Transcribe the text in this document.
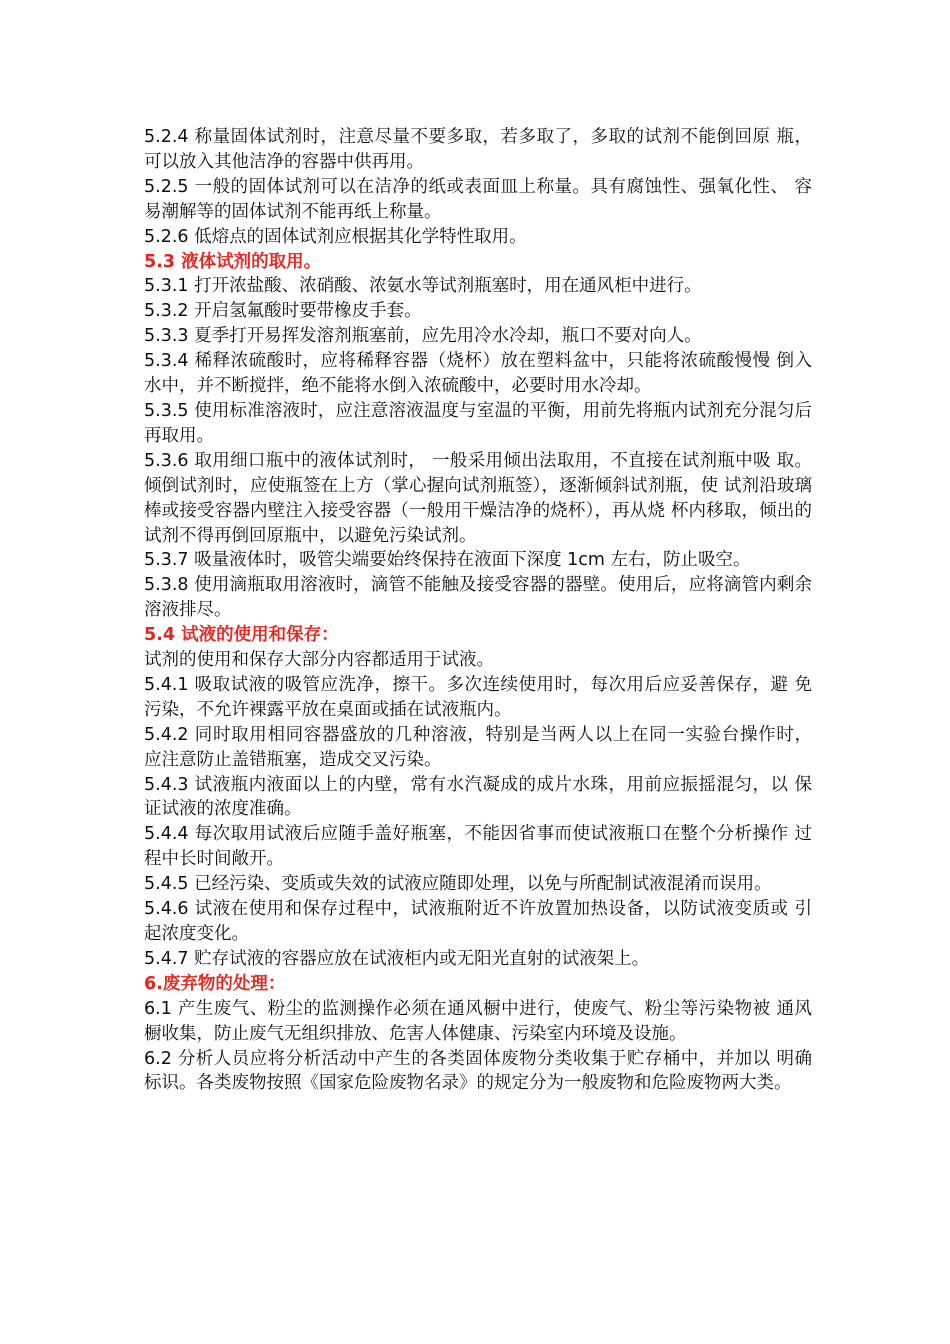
5.2.4 称量固体试剂时，注意尽量不要多取，若多取了，多取的试剂不能倒回原 瓶，可以放入其他洁净的容器中供再用。

5.2.5 一般的固体试剂可以在洁净的纸或表面皿上称量。具有腐蚀性、强氧化性、 容易潮解等的固体试剂不能再纸上称量。

5.2.6 低熔点的固体试剂应根据其化学特性取用。

5.3 液体试剂的取用。

5.3.1 打开浓盐酸、浓硝酸、浓氨水等试剂瓶塞时，用在通风柜中进行。

5.3.2 开启氢氟酸时要带橡皮手套。

5.3.3 夏季打开易挥发溶剂瓶塞前，应先用冷水冷却，瓶口不要对向人。

5.3.4 稀释浓硫酸时，应将稀释容器（烧杯）放在塑料盆中，只能将浓硫酸慢慢 倒入水中，并不断搅拌，绝不能将水倒入浓硫酸中，必要时用水冷却。

5.3.5 使用标准溶液时，应注意溶液温度与室温的平衡，用前先将瓶内试剂充分混匀后再取用。

5.3.6 取用细口瓶中的液体试剂时， 一般采用倾出法取用，不直接在试剂瓶中吸 取。倾倒试剂时，应使瓶签在上方（掌心握向试剂瓶签），逐渐倾斜试剂瓶，使 试剂沿玻璃棒或接受容器内壁注入接受容器（一般用干燥洁净的烧杯），再从烧 杯内移取，倾出的试剂不得再倒回原瓶中，以避免污染试剂。

5.3.7 吸量液体时，吸管尖端要始终保持在液面下深度 1cm 左右，防止吸空。

5.3.8 使用滴瓶取用溶液时，滴管不能触及接受容器的器壁。使用后，应将滴管内剩余溶液排尽。

5.4 试液的使用和保存：

试剂的使用和保存大部分内容都适用于试液。

5.4.1 吸取试液的吸管应洗净，擦干。多次连续使用时，每次用后应妥善保存，避 免污染，不允许裸露平放在桌面或插在试液瓶内。

5.4.2 同时取用相同容器盛放的几种溶液，特别是当两人以上在同一实验台操作时， 应注意防止盖错瓶塞，造成交叉污染。

5.4.3 试液瓶内液面以上的内壁，常有水汽凝成的成片水珠，用前应振摇混匀，以 保证试液的浓度准确。

5.4.4 每次取用试液后应随手盖好瓶塞，不能因省事而使试液瓶口在整个分析操作 过程中长时间敞开。

5.4.5 已经污染、变质或失效的试液应随即处理，以免与所配制试液混淆而误用。

5.4.6 试液在使用和保存过程中，试液瓶附近不许放置加热设备，以防试液变质或 引起浓度变化。

5.4.7 贮存试液的容器应放在试液柜内或无阳光直射的试液架上。

6.废弃物的处理：

6.1 产生废气、粉尘的监测操作必须在通风橱中进行，使废气、粉尘等污染物被 通风橱收集，防止废气无组织排放、危害人体健康、污染室内环境及设施。

6.2 分析人员应将分析活动中产生的各类固体废物分类收集于贮存桶中，并加以 明确标识。各类废物按照《国家危险废物名录》的规定分为一般废物和危险废物两大类。
